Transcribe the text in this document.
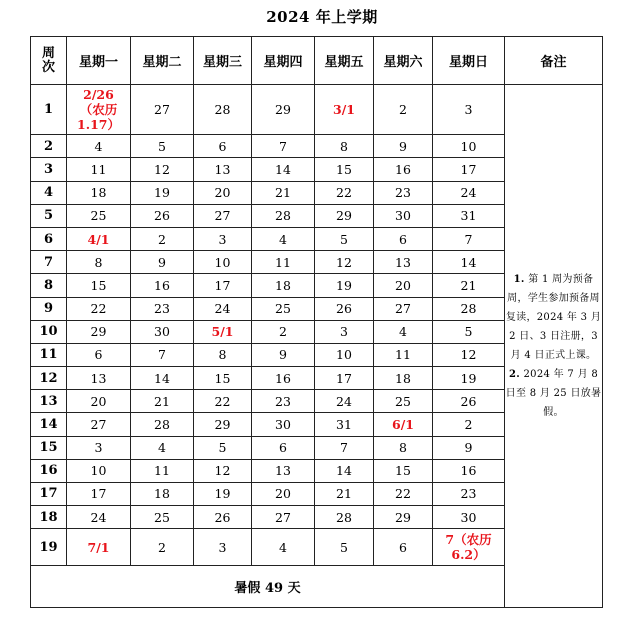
2024 年上学期
周
次	星期一	星期二	星期三	星期四	星期五	星期六	星期日	备注
1	2/26（农历 1.17）	27	28	29	3/1	2	3	1. 第 1 周为预备周，学生参加预备周复读，2024 年 3 月 2 日、3 日注册，3 月 4 日正式上课。
2. 2024 年 7 月 8 日至 8 月 25 日放暑假。

2	4	5	6	7	8	9	10	
3	11	12	13	14	15	16	17	
4	18	19	20	21	22	23	24	
5	25	26	27	28	29	30	31	
6	4/1	2	3	4	5	6	7	
7	8	9	10	11	12	13	14	
8	15	16	17	18	19	20	21	
9	22	23	24	25	26	27	28	
10	29	30	5/1	2	3	4	5	
11	6	7	8	9	10	11	12	
12	13	14	15	16	17	18	19	
13	20	21	22	23	24	25	26	
14	27	28	29	30	31	6/1	2	
15	3	4	5	6	7	8	9	
16	10	11	12	13	14	15	16	
17	17	18	19	20	21	22	23	
18	24	25	26	27	28	29	30	
19	7/1	2	3	4	5	6	7（农历 6.2）	
暑假 49 天								
